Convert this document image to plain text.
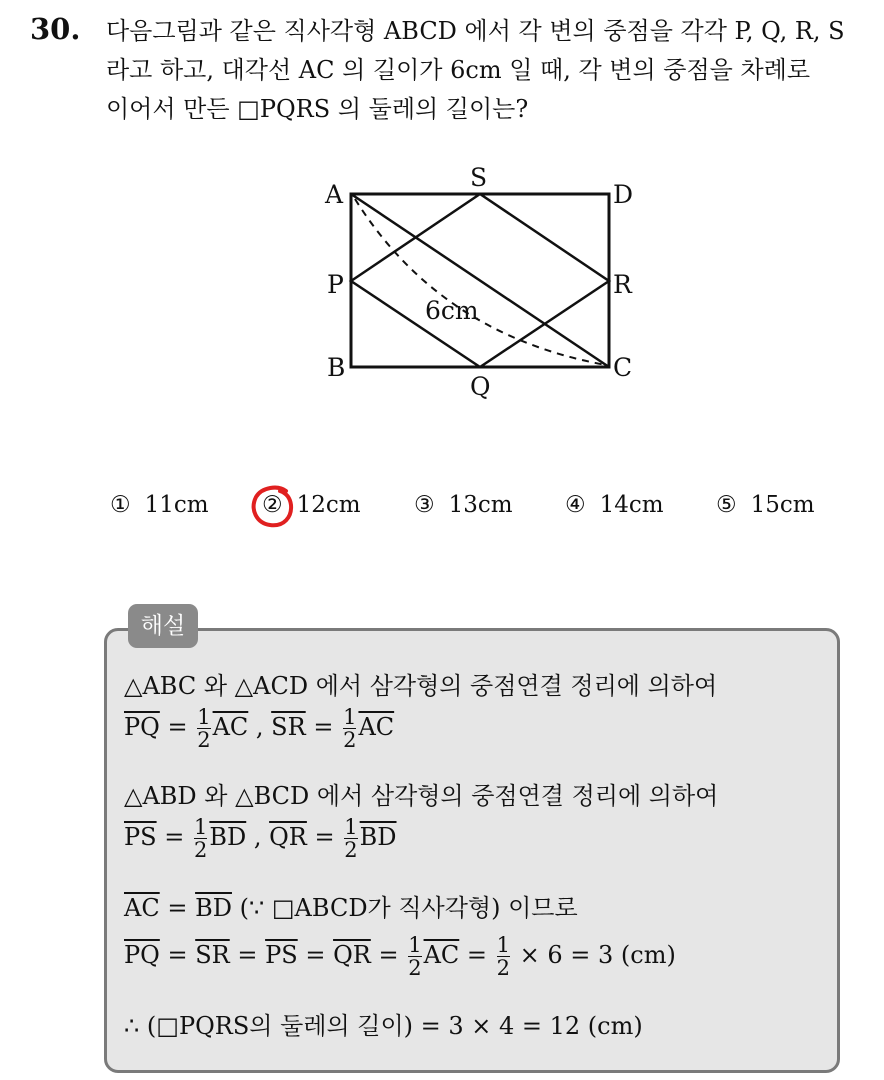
30. 다음그림과 같은 직사각형 ABCD 에서 각 변의 중점을 각각 P, Q, R, S
라고 하고, 대각선 AC 의 길이가 6cm 일 때, 각 변의 중점을 차례로
이어서 만든 □PQRS 의 둘레의 길이는?
A
S
D
P	R
6cm
B	C
Q
① 11cm ② 12cm ③ 13cm ④ 14cm ⑤ 15cm
해설
△ABC 와 △ACD 에서 삼각형의 중점연결 정리에 의하여
$\overline{PQ} = \frac{1}{2} \overline{AC}$ , $\overline{SR} = \frac{1}{2} \overline{AC}$
△ABD 와 △BCD 에서 삼각형의 중점연결 정리에 의하여
$\overline{PS} = \frac{1}{2} \overline{BD}$ , $\overline{QR} = \frac{1}{2} \overline{BD}$
$\overline{AC} = \overline{BD}$ (∵ □ABCD가 직사각형) 이므로
$\overline{PQ} = \overline{SR} = \overline{PS} = \overline{QR} = \frac{1}{2} \overline{AC} = \frac{1}{2} \times 6 = 3$ (cm)
∴ (□PQRS의 둘레의 길이) = 3 × 4 = 12 (cm)
